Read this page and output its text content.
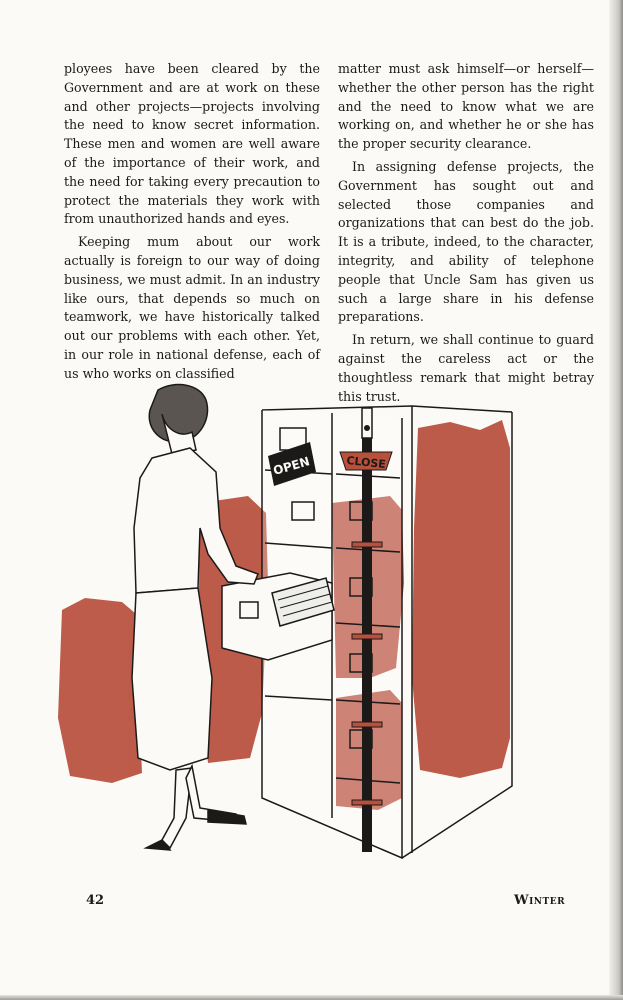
ployees have been cleared by the Government and are at work on these and other projects—projects involving the need to know secret information. These men and women are well aware of the importance of their work, and the need for taking every precaution to protect the materials they work with from unauthorized hands and eyes.

Keeping mum about our work actually is foreign to our way of doing business, we must admit. In an industry like ours, that depends so much on teamwork, we have historically talked out our problems with each other. Yet, in our role in national defense, each of us who works on classified

matter must ask himself—or herself—whether the other person has the right and the need to know what we are working on, and whether he or she has the proper security clearance.

In assigning defense projects, the Government has sought out and selected those companies and organizations that can best do the job. It is a tribute, indeed, to the character, integrity, and ability of telephone people that Uncle Sam has given us such a large share in his defense preparations.

In return, we shall continue to guard against the careless act or the thoughtless remark that might betray this trust.

OPEN	CLOSE
42	Winter
